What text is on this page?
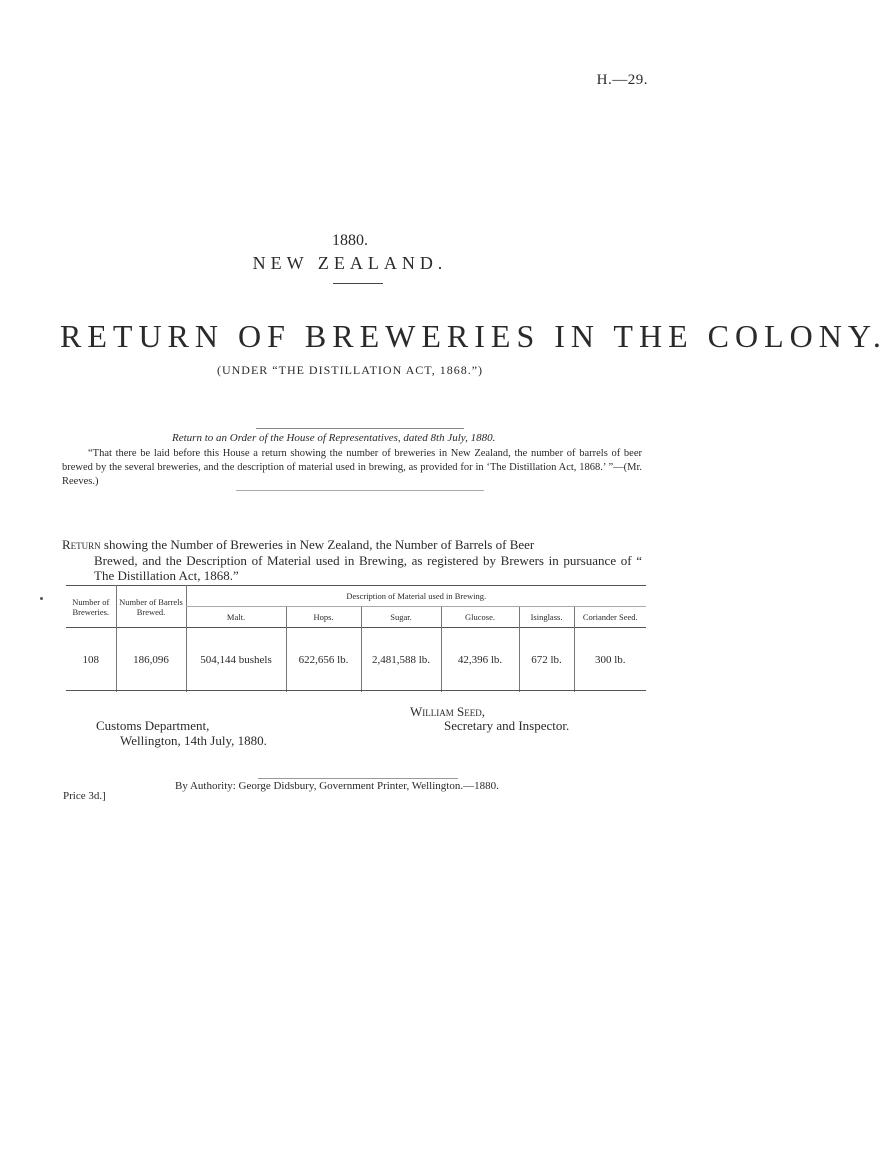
H.—29.
1880.
NEW ZEALAND.
RETURN OF BREWERIES IN THE COLONY.
(UNDER “THE DISTILLATION ACT, 1868.”)
Return to an Order of the House of Representatives, dated 8th July, 1880.
“That there be laid before this House a return showing the number of breweries in New Zealand, the number of barrels of beer brewed by the several breweries, and the description of material used in brewing, as provided for in ‘The Distillation Act, 1868.’ ”—(Mr. Reeves.)
Return showing the Number of Breweries in New Zealand, the Number of Barrels of Beer
Brewed, and the Description of Material used in Brewing, as registered by Brewers in pursuance of “ The Distillation Act, 1868.”
Number of Breweries.	Number of Barrels Brewed.	Description of Material used in Brewing.					
		Malt.	Hops.	Sugar.	Glucose.	Isinglass.	Coriander Seed.
108	186,096	504,144 bushels	622,656 lb.	2,481,588 lb.	42,396 lb.	672 lb.	300 lb.
William Seed,
Secretary and Inspector.
Customs Department,
Wellington, 14th July, 1880.
By Authority: George Didsbury, Government Printer, Wellington.—1880.
Price 3d.]
